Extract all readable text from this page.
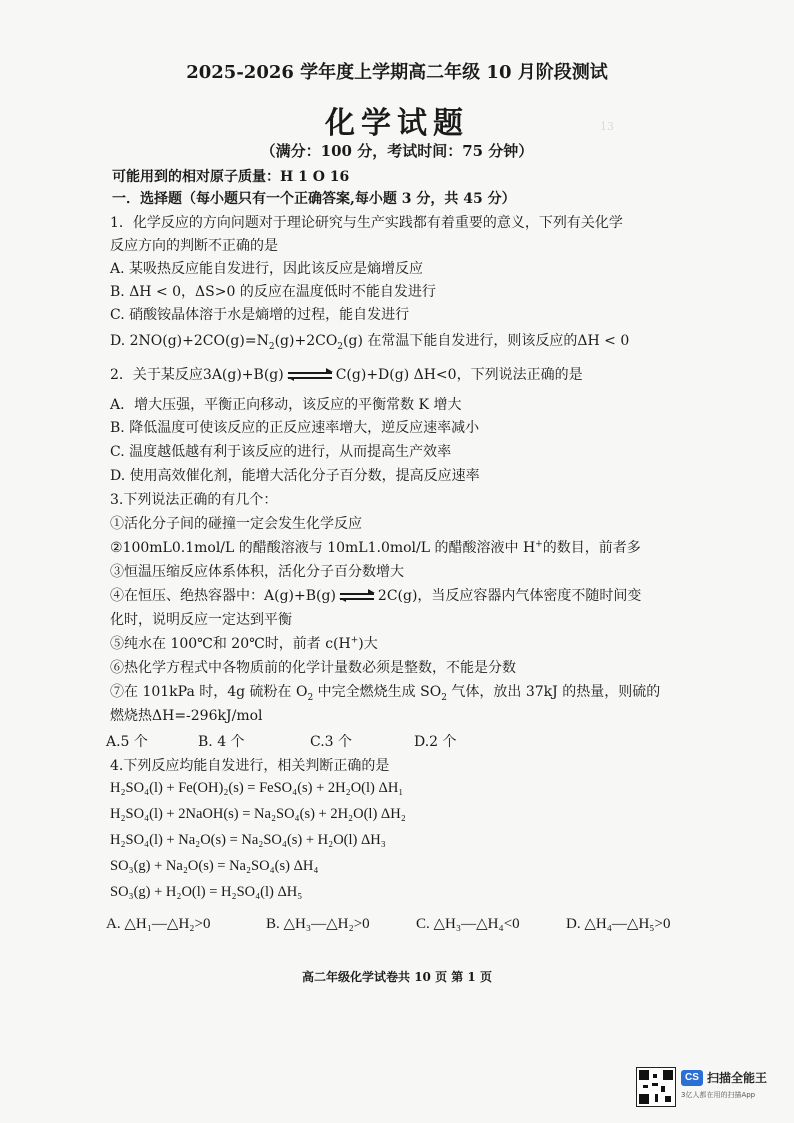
13
2025-2026 学年度上学期高二年级 10 月阶段测试
化学试题
（满分：100 分，考试时间：75 分钟）
可能用到的相对原子质量：H 1 O 16
一．选择题（每小题只有一个正确答案,每小题 3 分，共 45 分）
1．化学反应的方向问题对于理论研究与生产实践都有着重要的意义，下列有关化学
反应方向的判断不正确的是
A. 某吸热反应能自发进行，因此该反应是熵增反应
B. ΔH < 0，ΔS>0 的反应在温度低时不能自发进行
C. 硝酸铵晶体溶于水是熵增的过程，能自发进行
D. $2NO(g)+2CO(g)=N_2(g)+2CO_2(g)$ 在常温下能自发进行，则该反应的ΔH < 0
2．关于某反应3A(g)+B(g)	C(g)+D(g) ΔH<0，下列说法正确的是
A．增大压强，平衡正向移动，该反应的平衡常数 K 增大
B. 降低温度可使该反应的正反应速率增大，逆反应速率减小
C. 温度越低越有利于该反应的进行，从而提高生产效率
D. 使用高效催化剂，能增大活化分子百分数，提高反应速率
3.下列说法正确的有几个：
①活化分子间的碰撞一定会发生化学反应
②100mL0.1mol/L 的醋酸溶液与 10mL1.0mol/L 的醋酸溶液中 H+的数目，前者多
③恒温压缩反应体系体积，活化分子百分数增大
④在恒压、绝热容器中：A(g)+B(g)	2C(g)，当反应容器内气体密度不随时间变
化时，说明反应一定达到平衡
⑤纯水在 100℃和 20℃时，前者 c(H+)大
⑥热化学方程式中各物质前的化学计量数必须是整数，不能是分数
⑦在 101kPa 时，4g 硫粉在 $O_2$ 中完全燃烧生成 $SO_2$ 气体，放出 37kJ 的热量，则硫的
燃烧热ΔH=-296kJ/mol
A.5 个	B. 4 个	C.3 个	D.2 个
4.下列反应均能自发进行，相关判断正确的是
H₂SO₄(l) + Fe(OH)₂(s) = FeSO₄(s) + 2H₂O(l) ΔH₁
H₂SO₄(l) + 2NaOH(s) = Na₂SO₄(s) + 2H₂O(l) ΔH₂
H₂SO₄(l) + Na₂O(s) = Na₂SO₄(s) + H₂O(l) ΔH₃
SO₃(g) + Na₂O(s) = Na₂SO₄(s) ΔH₄
SO₃(g) + H₂O(l) = H₂SO₄(l) ΔH₅
A. △H₁—△H₂>0	B. △H₃—△H₂>0	C. △H₃—△H₄<0	D. △H₄—△H₅>0
高二年级化学试卷共 10 页 第 1 页
CS 扫描全能王
3亿人都在用的扫描App
